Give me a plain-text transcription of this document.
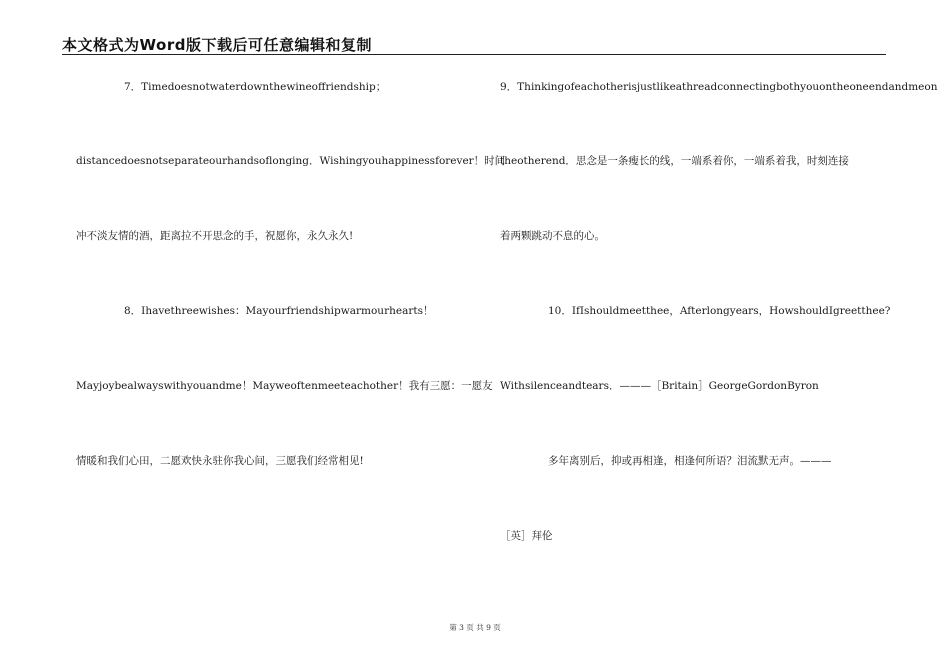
本文格式为Word版下载后可任意编辑和复制
7．Timedoesnotwaterdownthewineoffriendship；
distancedoesnotseparateourhandsoflonging．Wishingyouhappinessforever！时间
冲不淡友情的酒，距离拉不开思念的手，祝愿你，永久永久!
8．Ihavethreewishes：Mayourfriendshipwarmourhearts！
Mayjoybealwayswithyouandme！Mayweoftenmeeteachother！我有三愿：一愿友
情暖和我们心田，二愿欢快永驻你我心间，三愿我们经常相见!
9．Thinkingofeachotherisjustlikeathreadconnectingbothyouontheoneendandmeon
theotherend．思念是一条瘦长的线，一端系着你，一端系着我，时刻连接
着两颗跳动不息的心。
10．IfIshouldmeetthee，Afterlongyears，HowshouldIgreetthee?
Withsilenceandtears．———［Britain］GeorgeGordonByron
多年离别后，抑或再相逢，相逢何所语？泪流默无声。———
［英］拜伦
第 3 页 共 9 页
